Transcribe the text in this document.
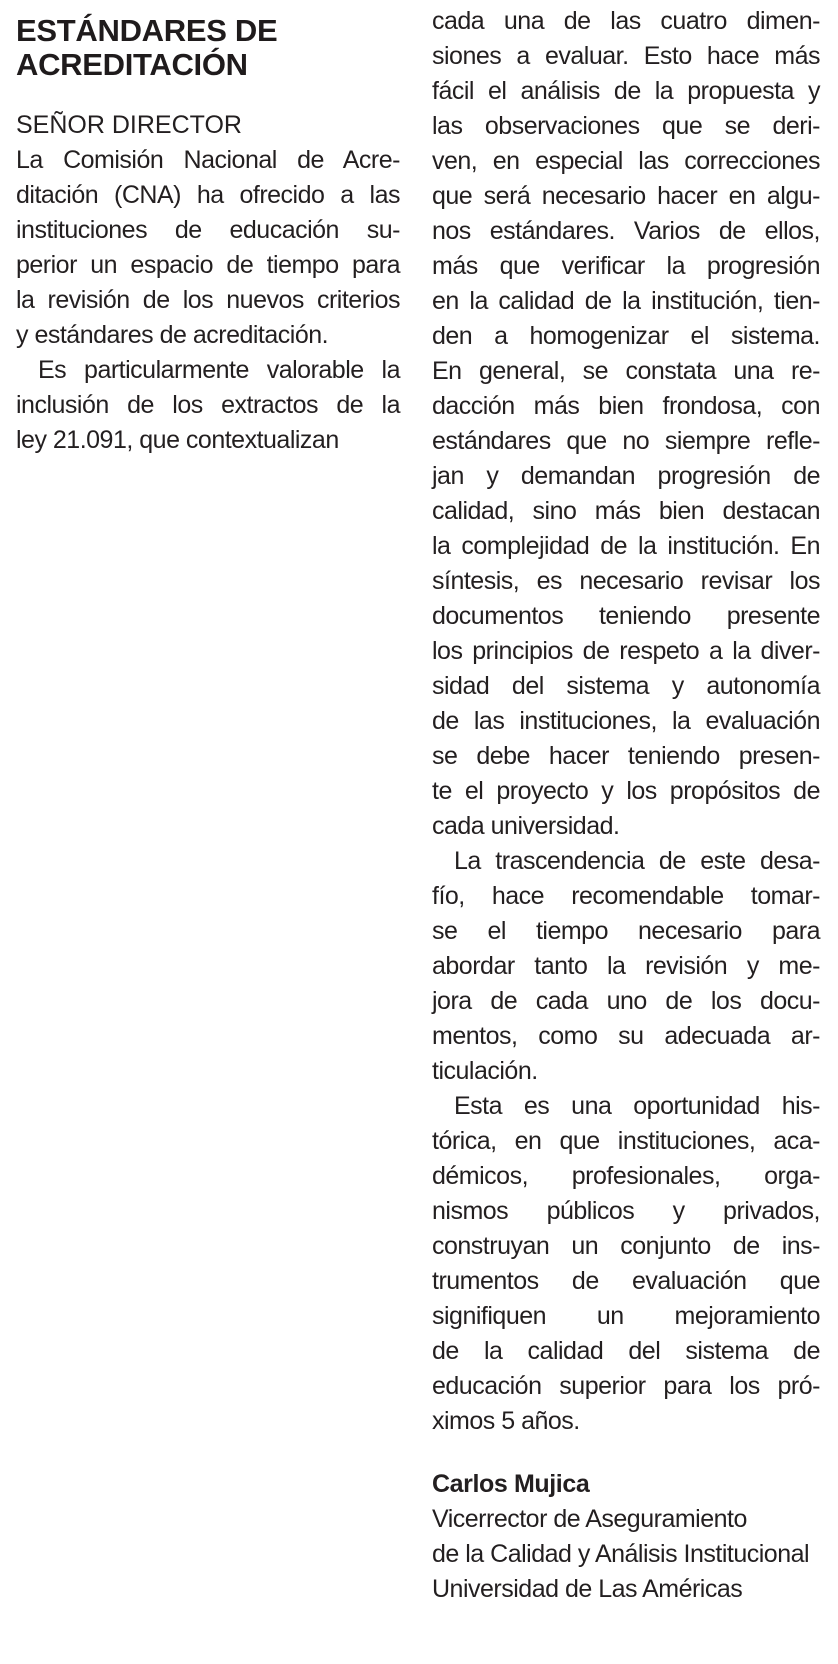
ESTÁNDARES DE
ACREDITACIÓN
SEÑOR DIRECTOR
La Comisión Nacional de Acre-
ditación (CNA) ha ofrecido a las
instituciones de educación su-
perior un espacio de tiempo para
la revisión de los nuevos criterios
y estándares de acreditación.
Es particularmente valorable la
inclusión de los extractos de la
ley 21.091, que contextualizan
cada una de las cuatro dimen-
siones a evaluar. Esto hace más
fácil el análisis de la propuesta y
las observaciones que se deri-
ven, en especial las correcciones
que será necesario hacer en algu-
nos estándares. Varios de ellos,
más que verificar la progresión
en la calidad de la institución, tien-
den a homogenizar el sistema.
En general, se constata una re-
dacción más bien frondosa, con
estándares que no siempre refle-
jan y demandan progresión de
calidad, sino más bien destacan
la complejidad de la institución. En
síntesis, es necesario revisar los
documentos teniendo presente
los principios de respeto a la diver-
sidad del sistema y autonomía
de las instituciones, la evaluación
se debe hacer teniendo presen-
te el proyecto y los propósitos de
cada universidad.
La trascendencia de este desa-
fío, hace recomendable tomar-
se el tiempo necesario para
abordar tanto la revisión y me-
jora de cada uno de los docu-
mentos, como su adecuada ar-
ticulación.
Esta es una oportunidad his-
tórica, en que instituciones, aca-
démicos, profesionales, orga-
nismos públicos y privados,
construyan un conjunto de ins-
trumentos de evaluación que
signifiquen un mejoramiento
de la calidad del sistema de
educación superior para los pró-
ximos 5 años.
Carlos Mujica
Vicerrector de Aseguramiento
de la Calidad y Análisis Institucional
Universidad de Las Américas
